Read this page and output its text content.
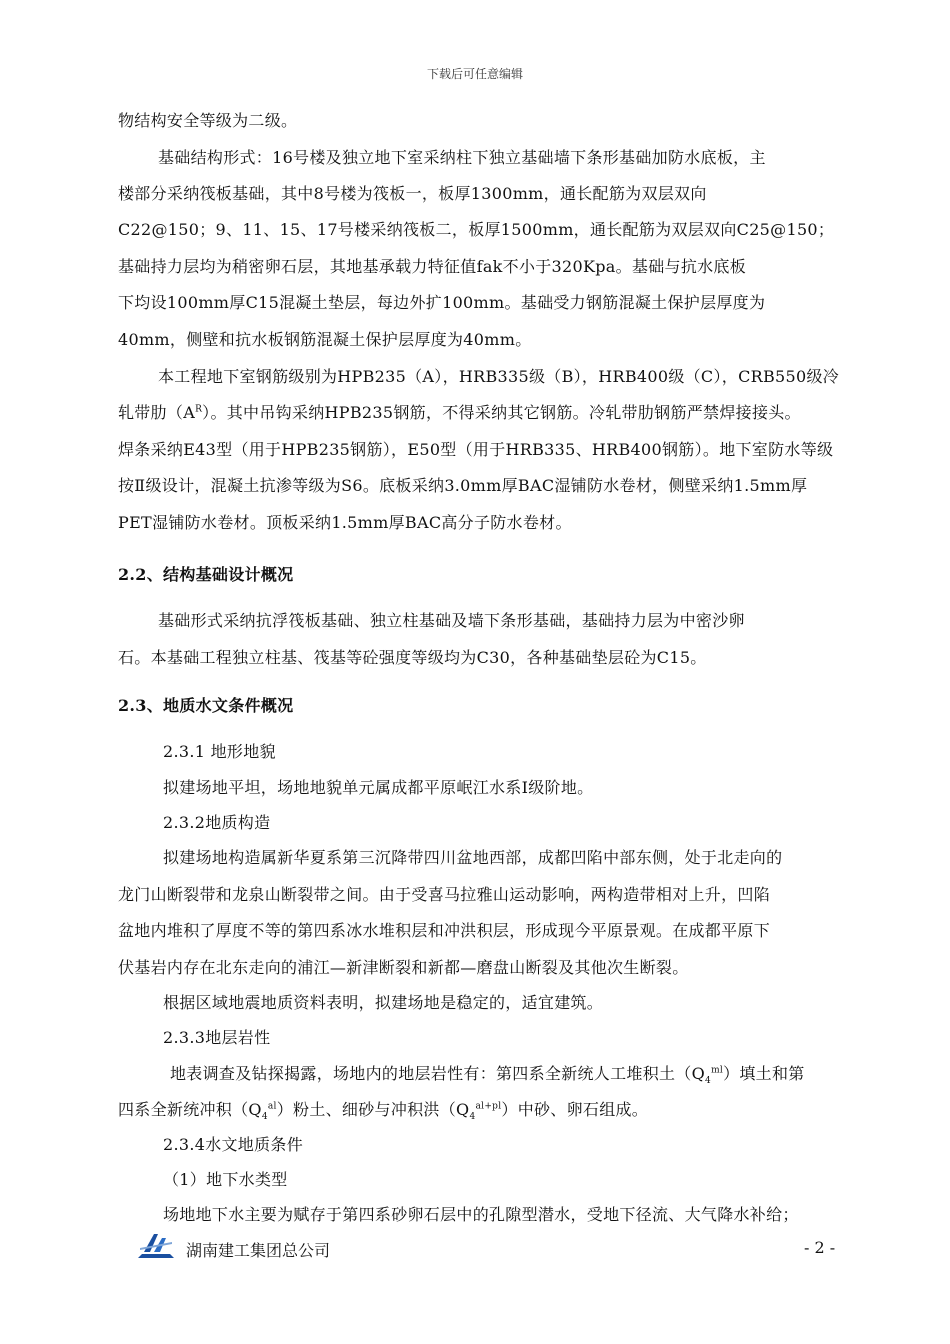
下载后可任意编辑
物结构安全等级为二级。
基础结构形式：16号楼及独立地下室采纳柱下独立基础墙下条形基础加防水底板，主
楼部分采纳筏板基础，其中8号楼为筏板一，板厚1300mm，通长配筋为双层双向
C22@150；9、11、15、17号楼采纳筏板二，板厚1500mm，通长配筋为双层双向C25@150；
基础持力层均为稍密卵石层，其地基承载力特征值fak不小于320Kpa。基础与抗水底板
下均设100mm厚C15混凝土垫层，每边外扩100mm。基础受力钢筋混凝土保护层厚度为
40mm，侧壁和抗水板钢筋混凝土保护层厚度为40mm。
本工程地下室钢筋级别为HPB235（A），HRB335级（B），HRB400级（C），CRB550级冷
轧带肋$(A^R)$。其中吊钩采纳HPB235钢筋，不得采纳其它钢筋。冷轧带肋钢筋严禁焊接接头。
焊条采纳E43型（用于HPB235钢筋），E50型（用于HRB335、HRB400钢筋）。地下室防水等级
按Ⅱ级设计，混凝土抗渗等级为S6。底板采纳3.0mm厚BAC湿铺防水卷材，侧壁采纳1.5mm厚
PET湿铺防水卷材。顶板采纳1.5mm厚BAC高分子防水卷材。
2.2、结构基础设计概况
基础形式采纳抗浮筏板基础、独立柱基础及墙下条形基础，基础持力层为中密沙卵
石。本基础工程独立柱基、筏基等砼强度等级均为C30，各种基础垫层砼为C15。
2.3、地质水文条件概况
2.3.1 地形地貌
拟建场地平坦，场地地貌单元属成都平原岷江水系Ⅰ级阶地。
2.3.2地质构造
拟建场地构造属新华夏系第三沉降带四川盆地西部，成都凹陷中部东侧，处于北走向的
龙门山断裂带和龙泉山断裂带之间。由于受喜马拉雅山运动影响，两构造带相对上升，凹陷
盆地内堆积了厚度不等的第四系冰水堆积层和冲洪积层，形成现今平原景观。在成都平原下
伏基岩内存在北东走向的浦江—新津断裂和新都—磨盘山断裂及其他次生断裂。
根据区域地震地质资料表明，拟建场地是稳定的，适宜建筑。
2.3.3地层岩性
地表调查及钻探揭露，场地内的地层岩性有：第四系全新统人工堆积土$(Q_4^{ml})$填土和第
四系全新统冲积$(Q_4^{al})$粉土、细砂与冲积洪$(Q_4^{al+pl})$中砂、卵石组成。
2.3.4水文地质条件
（1）地下水类型
场地地下水主要为赋存于第四系砂卵石层中的孔隙型潜水，受地下径流、大气降水补给；
湖南建工集团总公司	- 2 -
